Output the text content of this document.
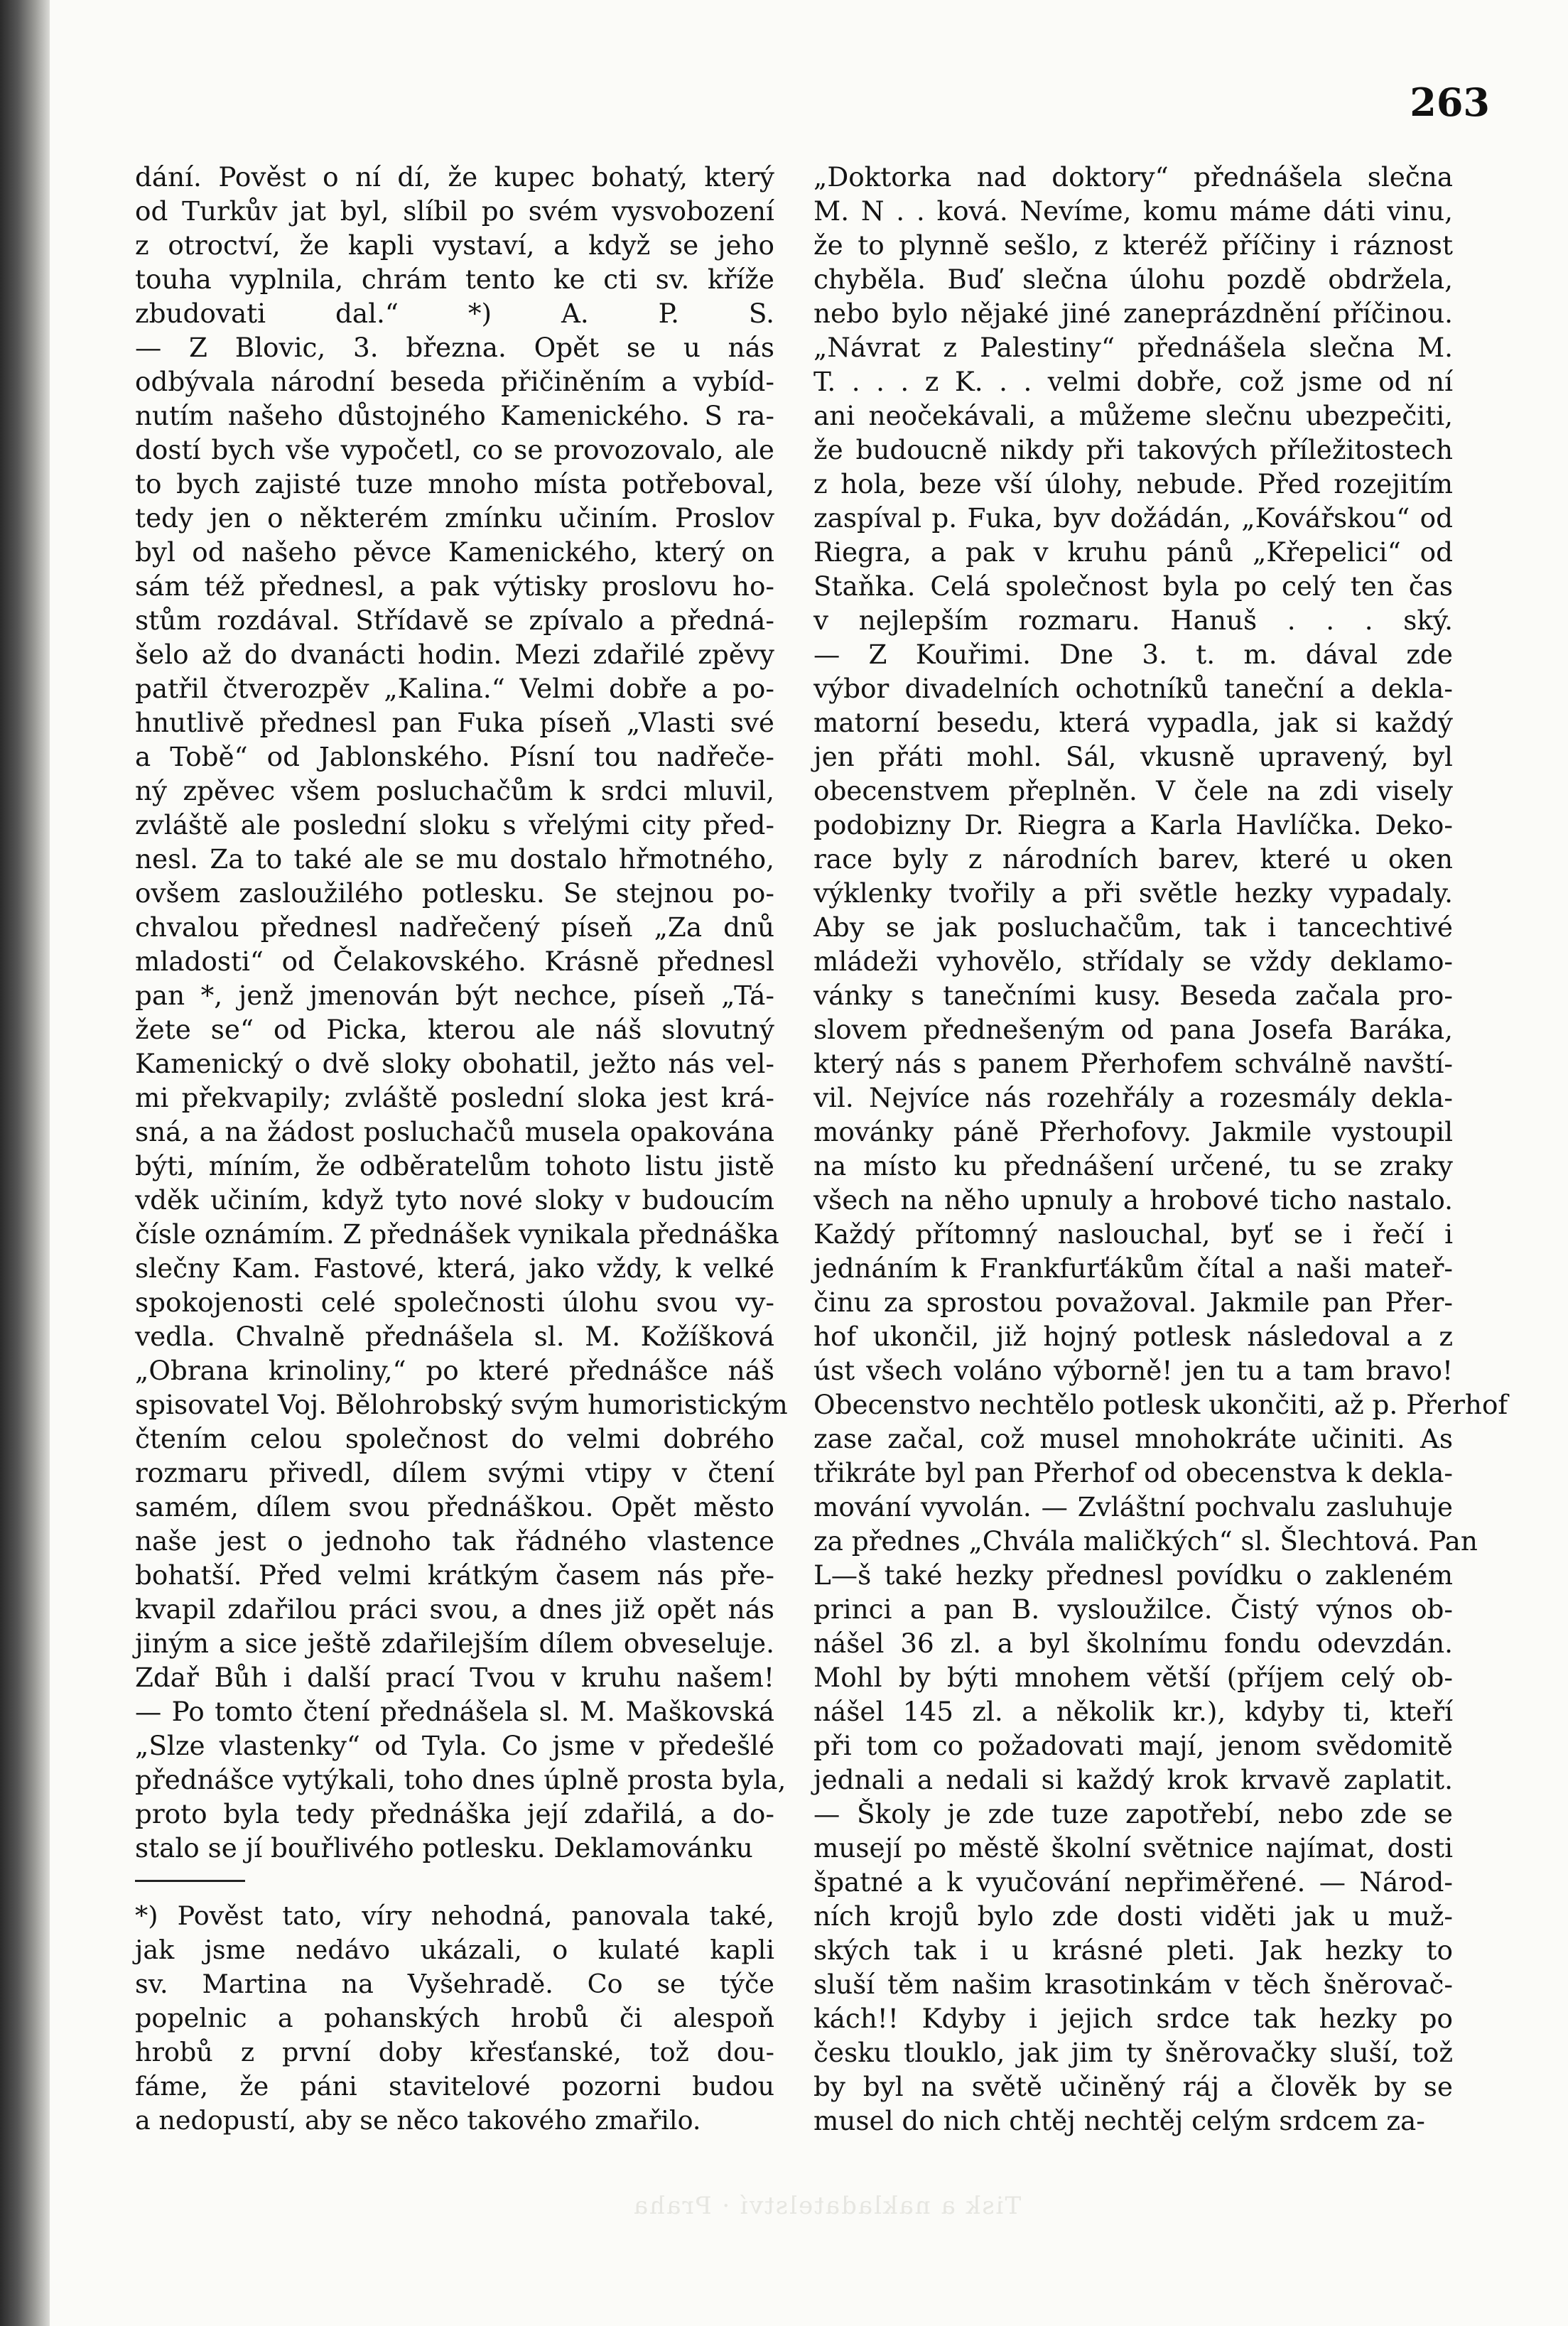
Tisk a nakladatelství · Praha
263
dání. Pověst o ní dí, že kupec bohatý, který
od Turkův jat byl, slíbil po svém vysvobození
z otroctví, že kapli vystaví, a když se jeho
touha vyplnila, chrám tento ke cti sv. kříže
zbudovati dal.“ *) A. P. S.
— Z Blovic, 3. března. Opět se u nás
odbývala národní beseda přičiněním a vybíd-
nutím našeho důstojného Kamenického. S ra-
dostí bych vše vypočetl, co se provozovalo, ale
to bych zajisté tuze mnoho místa potřeboval,
tedy jen o některém zmínku učiním. Proslov
byl od našeho pěvce Kamenického, který on
sám též přednesl, a pak výtisky proslovu ho-
stům rozdával. Střídavě se zpívalo a předná-
šelo až do dvanácti hodin. Mezi zdařilé zpěvy
patřil čtverozpěv „Kalina.“ Velmi dobře a po-
hnutlivě přednesl pan Fuka píseň „Vlasti své
a Tobě“ od Jablonského. Písní tou nadřeče-
ný zpěvec všem posluchačům k srdci mluvil,
zvláště ale poslední sloku s vřelými city před-
nesl. Za to také ale se mu dostalo hřmotného,
ovšem zasloužilého potlesku. Se stejnou po-
chvalou přednesl nadřečený píseň „Za dnů
mladosti“ od Čelakovského. Krásně přednesl
pan *, jenž jmenován být nechce, píseň „Tá-
žete se“ od Picka, kterou ale náš slovutný
Kamenický o dvě sloky obohatil, ježto nás vel-
mi překvapily; zvláště poslední sloka jest krá-
sná, a na žádost posluchačů musela opakována
býti, míním, že odběratelům tohoto listu jistě
vděk učiním, když tyto nové sloky v budoucím
čísle oznámím. Z přednášek vynikala přednáška
slečny Kam. Fastové, která, jako vždy, k velké
spokojenosti celé společnosti úlohu svou vy-
vedla. Chvalně přednášela sl. M. Kožíšková
„Obrana krinoliny,“ po které přednášce náš
spisovatel Voj. Bělohrobský svým humoristickým
čtením celou společnost do velmi dobrého
rozmaru přivedl, dílem svými vtipy v čtení
samém, dílem svou přednáškou. Opět město
naše jest o jednoho tak řádného vlastence
bohatší. Před velmi krátkým časem nás pře-
kvapil zdařilou práci svou, a dnes již opět nás
jiným a sice ještě zdařilejším dílem obveseluje.
Zdař Bůh i další prací Tvou v kruhu našem!
— Po tomto čtení přednášela sl. M. Maškovská
„Slze vlastenky“ od Tyla. Co jsme v předešlé
přednášce vytýkali, toho dnes úplně prosta byla,
proto byla tedy přednáška její zdařilá, a do-
stalo se jí bouřlivého potlesku. Deklamovánku
*) Pověst tato, víry nehodná, panovala také,
jak jsme nedávo ukázali, o kulaté kapli
sv. Martina na Vyšehradě. Co se týče
popelnic a pohanských hrobů či alespoň
hrobů z první doby křesťanské, tož dou-
fáme, že páni stavitelové pozorni budou
a nedopustí, aby se něco takového zmařilo.
„Doktorka nad doktory“ přednášela slečna
M. N . . ková. Nevíme, komu máme dáti vinu,
že to plynně sešlo, z kteréž příčiny i ráznost
chyběla. Buď slečna úlohu pozdě obdržela,
nebo bylo nějaké jiné zaneprázdnění příčinou.
„Návrat z Palestiny“ přednášela slečna M.
T. . . . z K. . . velmi dobře, což jsme od ní
ani neočekávali, a můžeme slečnu ubezpečiti,
že budoucně nikdy při takových příležitostech
z hola, beze vší úlohy, nebude. Před rozejitím
zaspíval p. Fuka, byv dožádán, „Kovářskou“ od
Riegra, a pak v kruhu pánů „Křepelici“ od
Staňka. Celá společnost byla po celý ten čas
v nejlepším rozmaru. Hanuš . . . ský.
— Z Kouřimi. Dne 3. t. m. dával zde
výbor divadelních ochotníků taneční a dekla-
matorní besedu, která vypadla, jak si každý
jen přáti mohl. Sál, vkusně upravený, byl
obecenstvem přeplněn. V čele na zdi visely
podobizny Dr. Riegra a Karla Havlíčka. Deko-
race byly z národních barev, které u oken
výklenky tvořily a při světle hezky vypadaly.
Aby se jak posluchačům, tak i tancechtivé
mládeži vyhovělo, střídaly se vždy deklamo-
vánky s tanečními kusy. Beseda začala pro-
slovem přednešeným od pana Josefa Baráka,
který nás s panem Přerhofem schválně navští-
vil. Nejvíce nás rozehřály a rozesmály dekla-
movánky páně Přerhofovy. Jakmile vystoupil
na místo ku přednášení určené, tu se zraky
všech na něho upnuly a hrobové ticho nastalo.
Každý přítomný naslouchal, byť se i řečí i
jednáním k Frankfurťákům čítal a naši mateř-
činu za sprostou považoval. Jakmile pan Přer-
hof ukončil, již hojný potlesk následoval a z
úst všech voláno výborně! jen tu a tam bravo!
Obecenstvo nechtělo potlesk ukončiti, až p. Přerhof
zase začal, což musel mnohokráte učiniti. As
třikráte byl pan Přerhof od obecenstva k dekla-
mování vyvolán. — Zvláštní pochvalu zasluhuje
za přednes „Chvála maličkých“ sl. Šlechtová. Pan
L—š také hezky přednesl povídku o zakleném
princi a pan B. vysloužilce. Čistý výnos ob-
nášel 36 zl. a byl školnímu fondu odevzdán.
Mohl by býti mnohem větší (příjem celý ob-
nášel 145 zl. a několik kr.), kdyby ti, kteří
při tom co požadovati mají, jenom svědomitě
jednali a nedali si každý krok krvavě zaplatit.
— Školy je zde tuze zapotřebí, nebo zde se
musejí po městě školní světnice najímat, dosti
špatné a k vyučování nepřiměřené. — Národ-
ních krojů bylo zde dosti viděti jak u muž-
ských tak i u krásné pleti. Jak hezky to
sluší těm našim krasotinkám v těch šněrovač-
kách!! Kdyby i jejich srdce tak hezky po
česku tlouklo, jak jim ty šněrovačky sluší, tož
by byl na světě učiněný ráj a člověk by se
musel do nich chtěj nechtěj celým srdcem za-
